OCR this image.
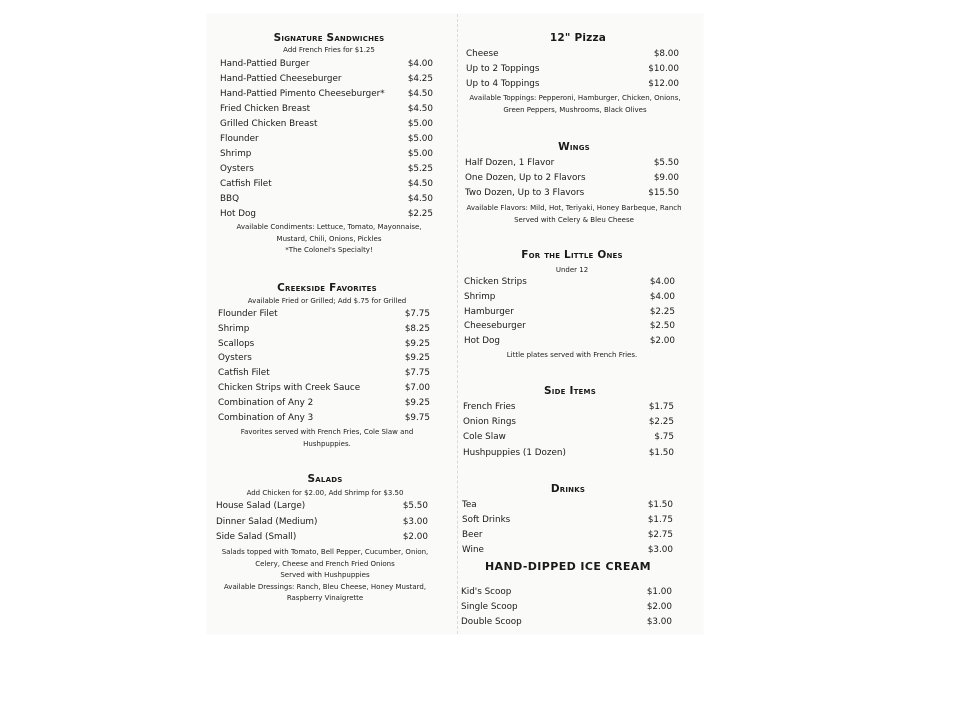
Signature Sandwiches
Add French Fries for $1.25
Hand-Pattied Burger	$4.00
Hand-Pattied Cheeseburger	$4.25
Hand-Pattied Pimento Cheeseburger*	$4.50
Fried Chicken Breast	$4.50
Grilled Chicken Breast	$5.00
Flounder	$5.00
Shrimp	$5.00
Oysters	$5.25
Catfish Filet	$4.50
BBQ	$4.50
Hot Dog	$2.25
Available Condiments: Lettuce, Tomato, Mayonnaise,
Mustard, Chili, Onions, Pickles
*The Colonel's Specialty!
Creekside Favorites
Available Fried or Grilled; Add $.75 for Grilled
Flounder Filet	$7.75
Shrimp	$8.25
Scallops	$9.25
Oysters	$9.25
Catfish Filet	$7.75
Chicken Strips with Creek Sauce	$7.00
Combination of Any 2	$9.25
Combination of Any 3	$9.75
Favorites served with French Fries, Cole Slaw and
Hushpuppies.
Salads
Add Chicken for $2.00, Add Shrimp for $3.50
House Salad (Large)	$5.50
Dinner Salad (Medium)	$3.00
Side Salad (Small)	$2.00
Salads topped with Tomato, Bell Pepper, Cucumber, Onion,
Celery, Cheese and French Fried Onions
Served with Hushpuppies
Available Dressings: Ranch, Bleu Cheese, Honey Mustard,
Raspberry Vinaigrette
12" Pizza
Cheese	$8.00
Up to 2 Toppings	$10.00
Up to 4 Toppings	$12.00
Available Toppings: Pepperoni, Hamburger, Chicken, Onions,
Green Peppers, Mushrooms, Black Olives
Wings
Half Dozen, 1 Flavor	$5.50
One Dozen, Up to 2 Flavors	$9.00
Two Dozen, Up to 3 Flavors	$15.50
Available Flavors: Mild, Hot, Teriyaki, Honey Barbeque, Ranch
Served with Celery & Bleu Cheese
For the Little Ones
Under 12
Chicken Strips	$4.00
Shrimp	$4.00
Hamburger	$2.25
Cheeseburger	$2.50
Hot Dog	$2.00
Little plates served with French Fries.
Side Items
French Fries	$1.75
Onion Rings	$2.25
Cole Slaw	$.75
Hushpuppies (1 Dozen)	$1.50
Drinks
Tea	$1.50
Soft Drinks	$1.75
Beer	$2.75
Wine	$3.00
HAND-DIPPED ICE CREAM
Kid's Scoop	$1.00
Single Scoop	$2.00
Double Scoop	$3.00
